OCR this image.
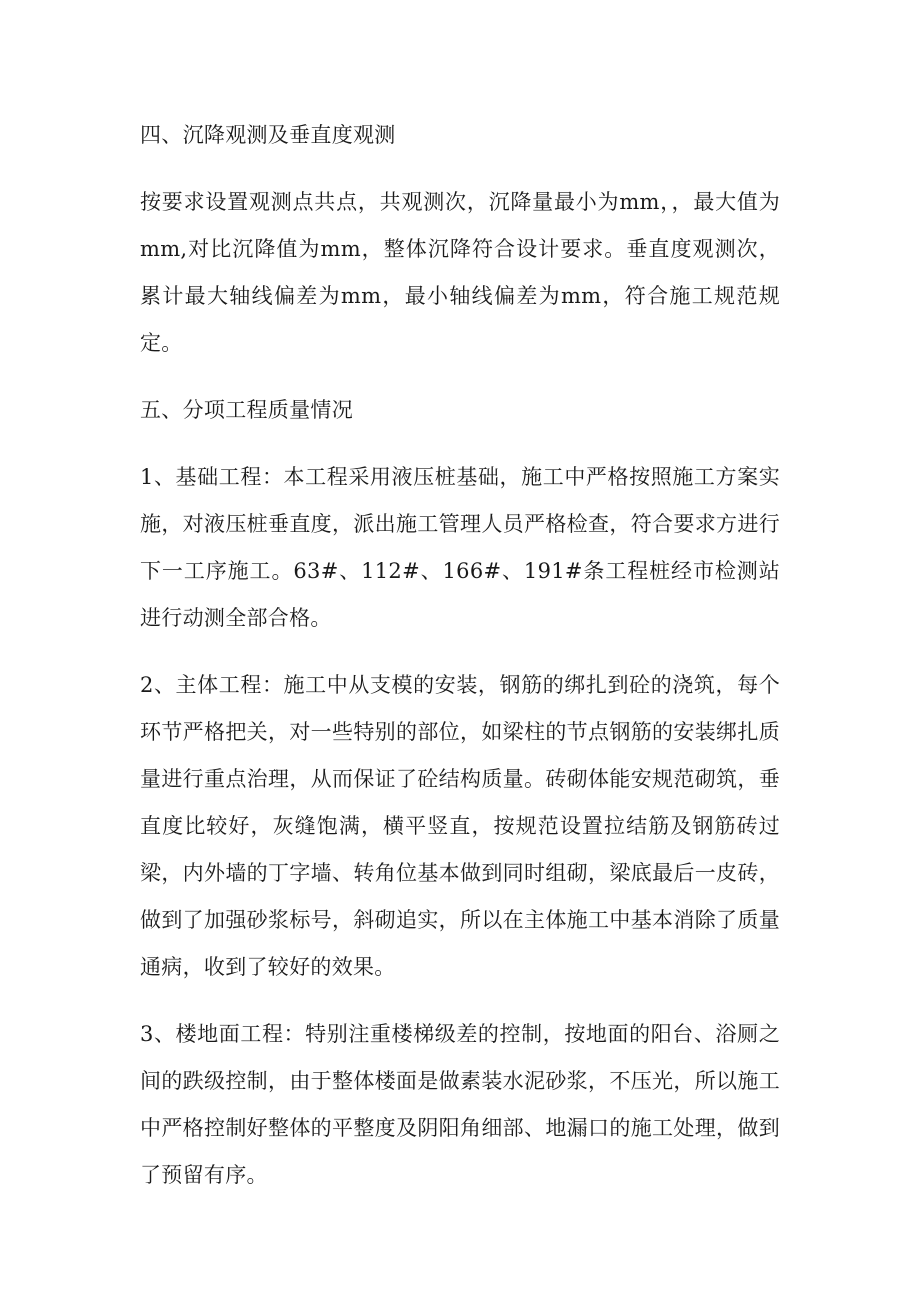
四、沉降观测及垂直度观测

按要求设置观测点共点，共观测次，沉降量最小为mm，，最大值为mm,对比沉降值为mm，整体沉降符合设计要求。垂直度观测次，累计最大轴线偏差为mm，最小轴线偏差为mm，符合施工规范规定。

五、分项工程质量情况

1、基础工程：本工程采用液压桩基础，施工中严格按照施工方案实施，对液压桩垂直度，派出施工管理人员严格检查，符合要求方进行下一工序施工。63#、112#、166#、191#条工程桩经市检测站进行动测全部合格。

2、主体工程：施工中从支模的安装，钢筋的绑扎到砼的浇筑，每个环节严格把关，对一些特别的部位，如梁柱的节点钢筋的安装绑扎质量进行重点治理，从而保证了砼结构质量。砖砌体能安规范砌筑，垂直度比较好，灰缝饱满，横平竖直，按规范设置拉结筋及钢筋砖过梁，内外墙的丁字墙、转角位基本做到同时组砌，梁底最后一皮砖，做到了加强砂浆标号，斜砌追实，所以在主体施工中基本消除了质量通病，收到了较好的效果。

3、楼地面工程：特别注重楼梯级差的控制，按地面的阳台、浴厕之间的跌级控制，由于整体楼面是做素装水泥砂浆，不压光，所以施工中严格控制好整体的平整度及阴阳角细部、地漏口的施工处理，做到了预留有序。
